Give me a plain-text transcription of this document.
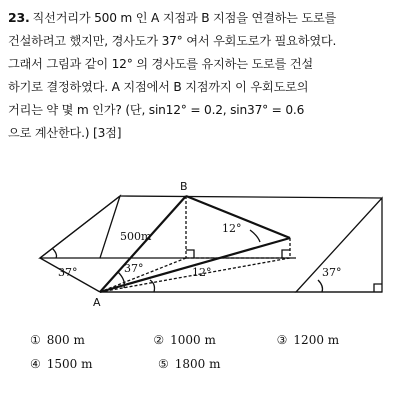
23. 직선거리가 500 m 인 A 지점과 B 지점을 연결하는 도로를
건설하려고 했지만, 경사도가 37° 여서 우회도로가 필요하였다.
그래서 그림과 같이 12° 의 경사도를 유지하는 도로를 건설
하기로 결정하였다. A 지점에서 B 지점까지 이 우회도로의
거리는 약 몇 m 인가? (단, sin12° = 0.2, sin37° = 0.6
으로 계산한다.) [3점]
B
A
500m
37°	37°
12°
12°	37°
① 800 m	② 1000 m	③ 1200 m
④ 1500 m	⑤ 1800 m
